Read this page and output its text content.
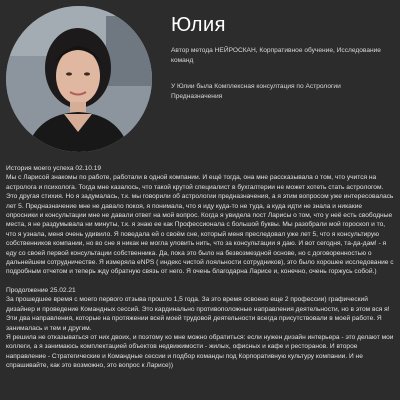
Юлия
Автор метода НЕЙРОСКАН, Корпративное обучение, Исследование команд
У Юлии была Комплексная консултация по Астрологии Предназначения

История моего успеха 02.10.19

Мы с Ларисой знакомы по работе, работали в одной компании. И ещё тогда, она мне рассказывала о том, что учится на астролога и психолога. Тогда мне казалось, что такой крутой специалист в бухгалтерии не может хотеть стать астрологом. Это другая стихия. Но я задумалась, т.к. мы говорили об астрологии предназначения, а я этим вопросом уже интересовалась лет 5. Предназначение мне не давало покоя, я понимала, что я иду куда-то не туда, а куда идти не знала и никакие опросники и консультации мне не давали ответ на мой вопрос. Когда я увидела пост Ларисы о том, что у неё есть свободные места, я не раздумывала ни минуты, т.к. я знаю ее как Профессионала с большой буквы. Мы разобрали мой гороскоп и то, что я узнала, меня очень удивило. Я поведала ей о своём сне, который меня преследовал уже лет 5, что я консультирую собственников компании, но во сне я никак не могла уловить нить, что за консультации я даю. И вот сегодня, та-да-дам! - я еду со своей первой консультации собственника. Да, пока это было на безвозмездной основе, но с договоренностью о дальнейшем сотрудничестве. Я измеряла eNPS ( индекс чистой лояльности сотрудников), это было хорошее исследование с подробным отчетом и теперь жду обратную связь от него. Я очень благодарна Ларисе и, конечно, очень горжусь собой.)

Продолжение 25.02.21

За прошедшее время с моего первого отзыва прошло 1,5 года. За это время освоено еще 2 профессии) графический дизайнер и проведение Командных сессий. Это кардинально противоположные направления деятельности, но в этом вся я! Эти два направления, которые на протяжении всей моей трудовой деятельности всегда присутствовали в моей работе. Я занималась и тем и другим.

Я решила не отказываться от них двоих, и поэтому ко мне можно обратиться: если нужен дизайн интерьера - это делают мои коллеги, а я занимаюсь комплектацией объектов недвижимости - жилых, офисных и кафе и ресторанов. И второе направление - Стратегические и Командные сессии и подбор команды под Корпоративную культуру компании. И не спрашивайте, как это возможно, это вопрос к Ларисе))
